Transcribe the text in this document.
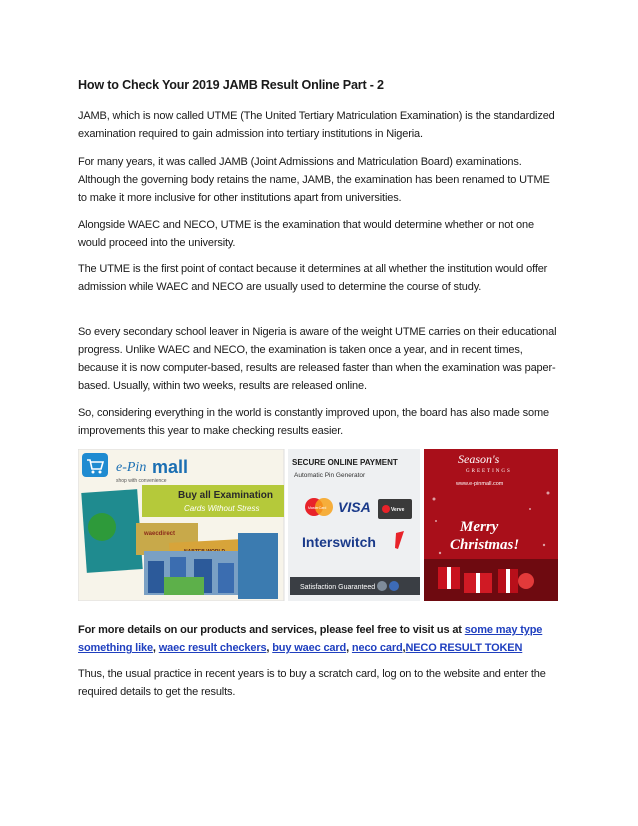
How to Check Your 2019 JAMB Result Online Part - 2

JAMB, which is now called UTME (The United Tertiary Matriculation Examination) is the standardized examination required to gain admission into tertiary institutions in Nigeria.

For many years, it was called JAMB (Joint Admissions and Matriculation Board) examinations. Although the governing body retains the name, JAMB, the examination has been renamed to UTME to make it more inclusive for other institutions apart from universities.

Alongside WAEC and NECO, UTME is the examination that would determine whether or not one would proceed into the university.

The UTME is the first point of contact because it determines at all whether the institution would offer admission while WAEC and NECO are usually used to determine the course of study.

So every secondary school leaver in Nigeria is aware of the weight UTME carries on their educational progress. Unlike WAEC and NECO, the examination is taken once a year, and in recent times, because it is now computer-based, results are released faster than when the examination was paper-based. Usually, within two weeks, results are released online.

So, considering everything in the world is constantly improved upon, the board has also made some improvements this year to make checking results easier.

e-Pin mall
shop with convenience
Buy all Examination
Cards Without Stress
waecdirect
SECURE ONLINE PAYMENT
Automatic Pin Generator
MasterCard VISA	Verve
Interswitch
Satisfaction Guaranteed
Season's
GREETINGS
www.e-pinmall.com
Merry
Christmas!

For more details on our products and services, please feel free to visit us at some may type something like, waec result checkers, buy waec card, neco card,NECO RESULT TOKEN

Thus, the usual practice in recent years is to buy a scratch card, log on to the website and enter the required details to get the results.
